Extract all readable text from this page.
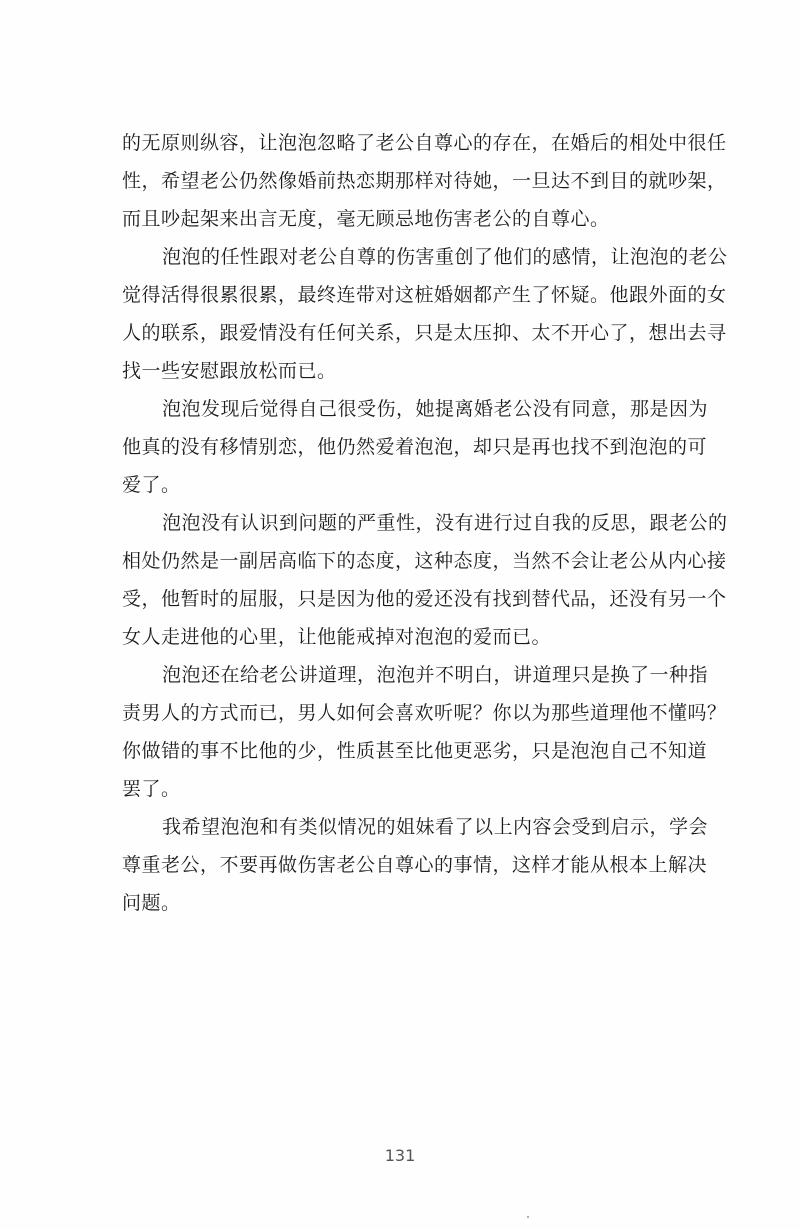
的无原则纵容，让泡泡忽略了老公自尊心的存在，在婚后的相处中很任
性，希望老公仍然像婚前热恋期那样对待她，一旦达不到目的就吵架，
而且吵起架来出言无度，毫无顾忌地伤害老公的自尊心。
泡泡的任性跟对老公自尊的伤害重创了他们的感情，让泡泡的老公
觉得活得很累很累，最终连带对这桩婚姻都产生了怀疑。他跟外面的女
人的联系，跟爱情没有任何关系，只是太压抑、太不开心了，想出去寻
找一些安慰跟放松而已。
泡泡发现后觉得自己很受伤，她提离婚老公没有同意，那是因为
他真的没有移情别恋，他仍然爱着泡泡，却只是再也找不到泡泡的可
爱了。
泡泡没有认识到问题的严重性，没有进行过自我的反思，跟老公的
相处仍然是一副居高临下的态度，这种态度，当然不会让老公从内心接
受，他暂时的屈服，只是因为他的爱还没有找到替代品，还没有另一个
女人走进他的心里，让他能戒掉对泡泡的爱而已。
泡泡还在给老公讲道理，泡泡并不明白，讲道理只是换了一种指
责男人的方式而已，男人如何会喜欢听呢？你以为那些道理他不懂吗？
你做错的事不比他的少，性质甚至比他更恶劣，只是泡泡自己不知道
罢了。
我希望泡泡和有类似情况的姐妹看了以上内容会受到启示，学会
尊重老公，不要再做伤害老公自尊心的事情，这样才能从根本上解决
问题。
131
